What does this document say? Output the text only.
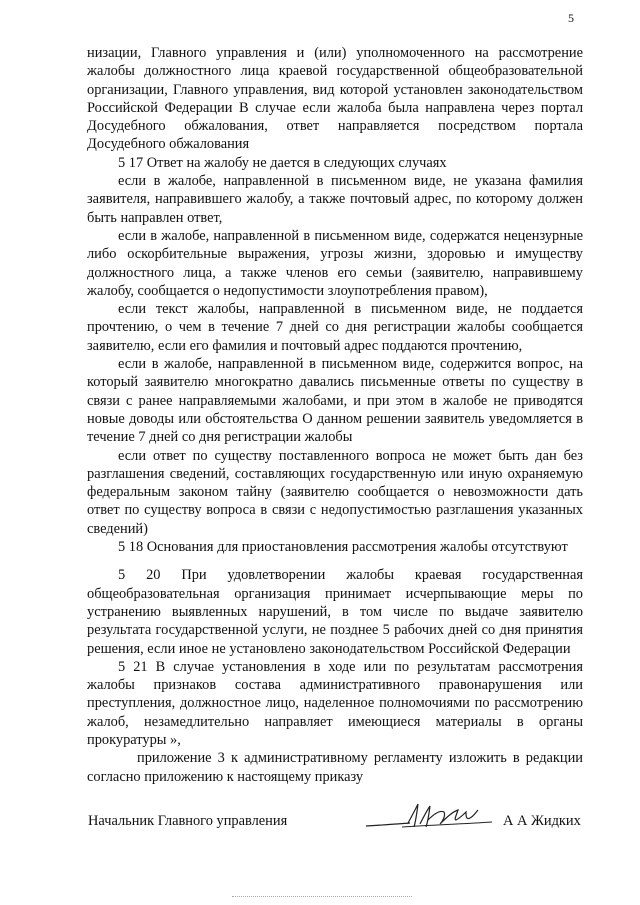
5

низации, Главного управления и (или) уполномоченного на рассмотрение жалобы должностного лица краевой государственной общеобразовательной организации, Главного управления, вид которой установлен законодательством Российской Федерации В случае если жалоба была направлена через портал Досудебного обжалования, ответ направляется посредством портала Досудебного обжалования

5 17 Ответ на жалобу не дается в следующих случаях

если в жалобе, направленной в письменном виде, не указана фамилия заявителя, направившего жалобу, а также почтовый адрес, по которому должен быть направлен ответ,

если в жалобе, направленной в письменном виде, содержатся нецензурные либо оскорбительные выражения, угрозы жизни, здоровью и имуществу должностного лица, а также членов его семьи (заявителю, направившему жалобу, сообщается о недопустимости злоупотребления правом),

если текст жалобы, направленной в письменном виде, не поддается прочтению, о чем в течение 7 дней со дня регистрации жалобы сообщается заявителю, если его фамилия и почтовый адрес поддаются прочтению,

если в жалобе, направленной в письменном виде, содержится вопрос, на который заявителю многократно давались письменные ответы по существу в связи с ранее направляемыми жалобами, и при этом в жалобе не приводятся новые доводы или обстоятельства О данном решении заявитель уведомляется в течение 7 дней со дня регистрации жалобы

если ответ по существу поставленного вопроса не может быть дан без разглашения сведений, составляющих государственную или иную охраняемую федеральным законом тайну (заявителю сообщается о невозможности дать ответ по существу вопроса в связи с недопустимостью разглашения указанных сведений)

5 18 Основания для приостановления рассмотрения жалобы отсутствуют

5 20 При удовлетворении жалобы краевая государственная общеобразовательная организация принимает исчерпывающие меры по устранению выявленных нарушений, в том числе по выдаче заявителю результата государственной услуги, не позднее 5 рабочих дней со дня принятия решения, если иное не установлено законодательством Российской Федерации

5 21 В случае установления в ходе или по результатам рассмотрения жалобы признаков состава административного правонарушения или преступления, должностное лицо, наделенное полномочиями по рассмотрению жалоб, незамедлительно направляет имеющиеся материалы в органы прокуратуры »,

приложение 3 к административному регламенту изложить в редакции согласно приложению к настоящему приказу

Начальник Главного управления	А А Жидких
